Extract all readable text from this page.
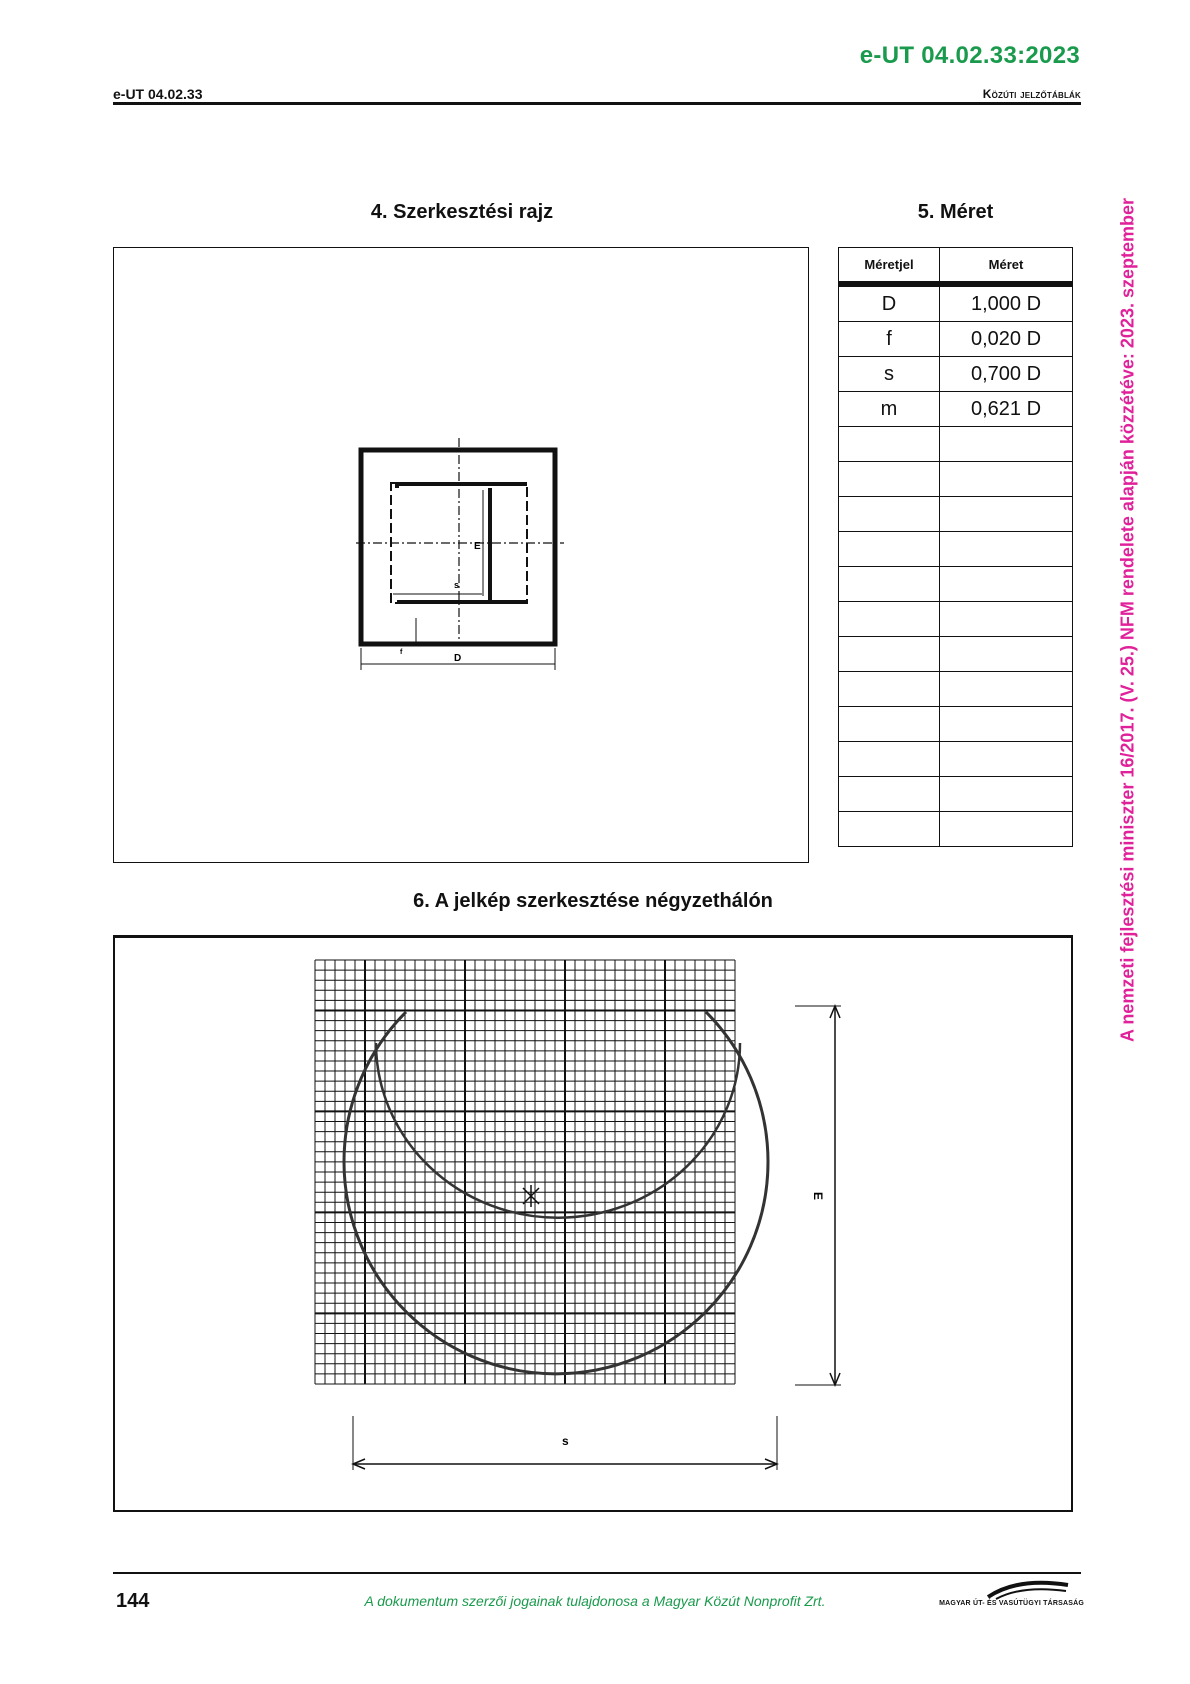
e-UT 04.02.33:2023
e-UT 04.02.33	Közúti jelzőtáblák
4. Szerkesztési rajz	5. Méret
E
s
f
D
Méretjel	Méret
D	1,000 D
f	0,020 D
s	0,700 D
m	0,621 D

6. A jelkép szerkesztése négyzethálón
E
s
A nemzeti fejlesztési miniszter 16/2017. (V. 25.) NFM rendelete alapján közzétéve: 2023. szeptember
144	A dokumentum szerzői jogainak tulajdonosa a Magyar Közút Nonprofit Zrt.	MAGYAR ÚT- ÉS VASÚTÜGYI TÁRSASÁG
